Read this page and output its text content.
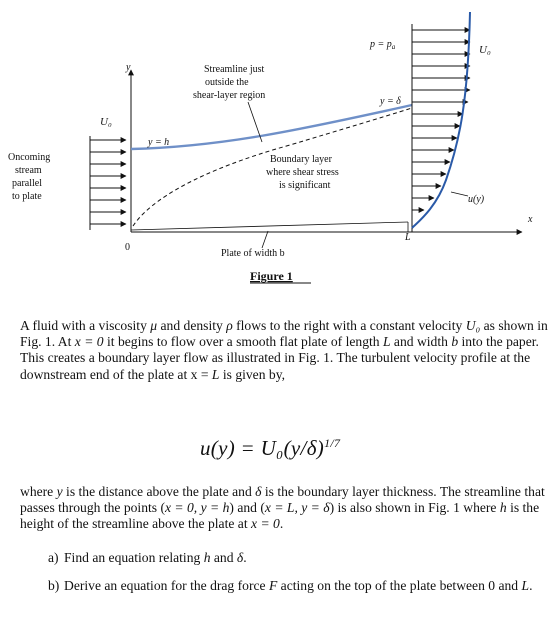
y
U₀
U₀
Oncoming
stream
parallel
to plate
y = h
Streamline just
outside the
shear-layer region
$p = p_a$
y = δ
Boundary layer
where shear stress
is significant
u(y)
x
0
L
Plate of width b
Figure 1

A fluid with a viscosity μ and density ρ flows to the right with a constant velocity U₀ as shown in Fig. 1. At x = 0 it begins to flow over a smooth flat plate of length L and width b into the paper. This creates a boundary layer flow as illustrated in Fig. 1. The turbulent velocity profile at the downstream end of the plate at x = L is given by,

$u(y) = U_0(y/\delta)^{1/7}$

where y is the distance above the plate and δ is the boundary layer thickness. The streamline that passes through the points (x = 0, y = h) and (x = L, y = δ) is also shown in Fig. 1 where h is the height of the streamline above the plate at x = 0.

a) Find an equation relating h and δ.
b) Derive an equation for the drag force F acting on the top of the plate between 0 and L.
